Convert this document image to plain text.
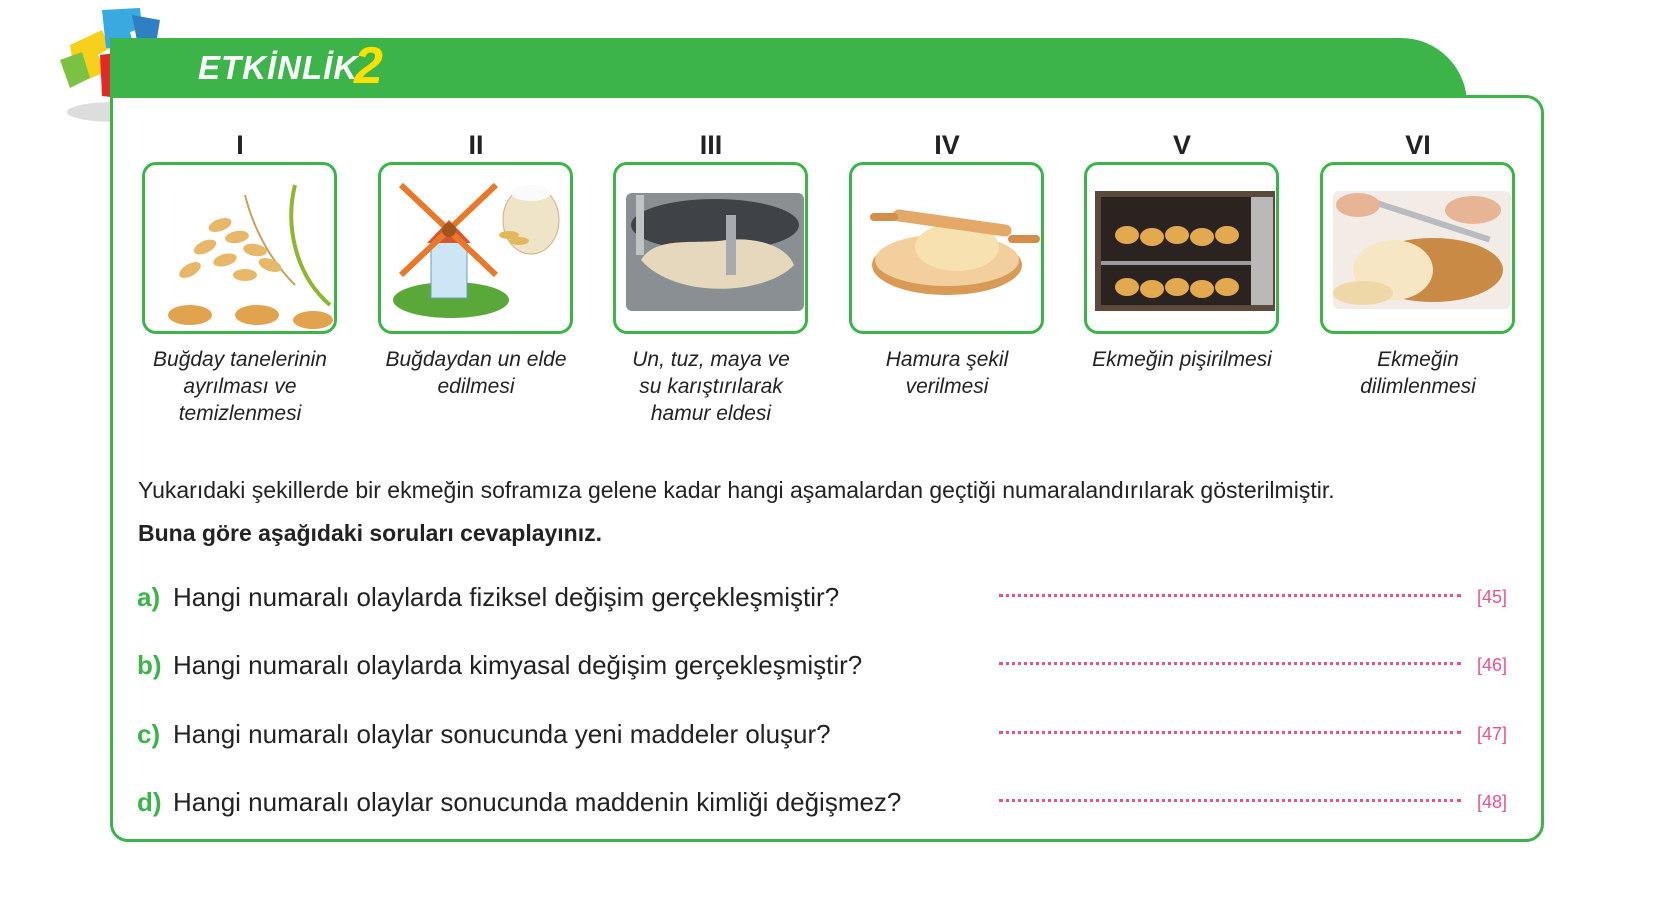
ETKİNLİK
2
I
Buğday tanelerinin
ayrılması ve
temizlenmesi
II
Buğdaydan un elde
edilmesi
III
Un, tuz, maya ve
su karıştırılarak
hamur eldesi
IV
Hamura şekil
verilmesi
V
Ekmeğin pişirilmesi
VI
Ekmeğin
dilimlenmesi
Yukarıdaki şekillerde bir ekmeğin soframıza gelene kadar hangi aşamalardan geçtiği numaralandırılarak gösterilmiştir.
Buna göre aşağıdaki soruları cevaplayınız.
a) Hangi numaralı olaylarda fiziksel değişim gerçekleşmiştir?	[45]
b) Hangi numaralı olaylarda kimyasal değişim gerçekleşmiştir?	[46]
c) Hangi numaralı olaylar sonucunda yeni maddeler oluşur?	[47]
d) Hangi numaralı olaylar sonucunda maddenin kimliği değişmez?	[48]
